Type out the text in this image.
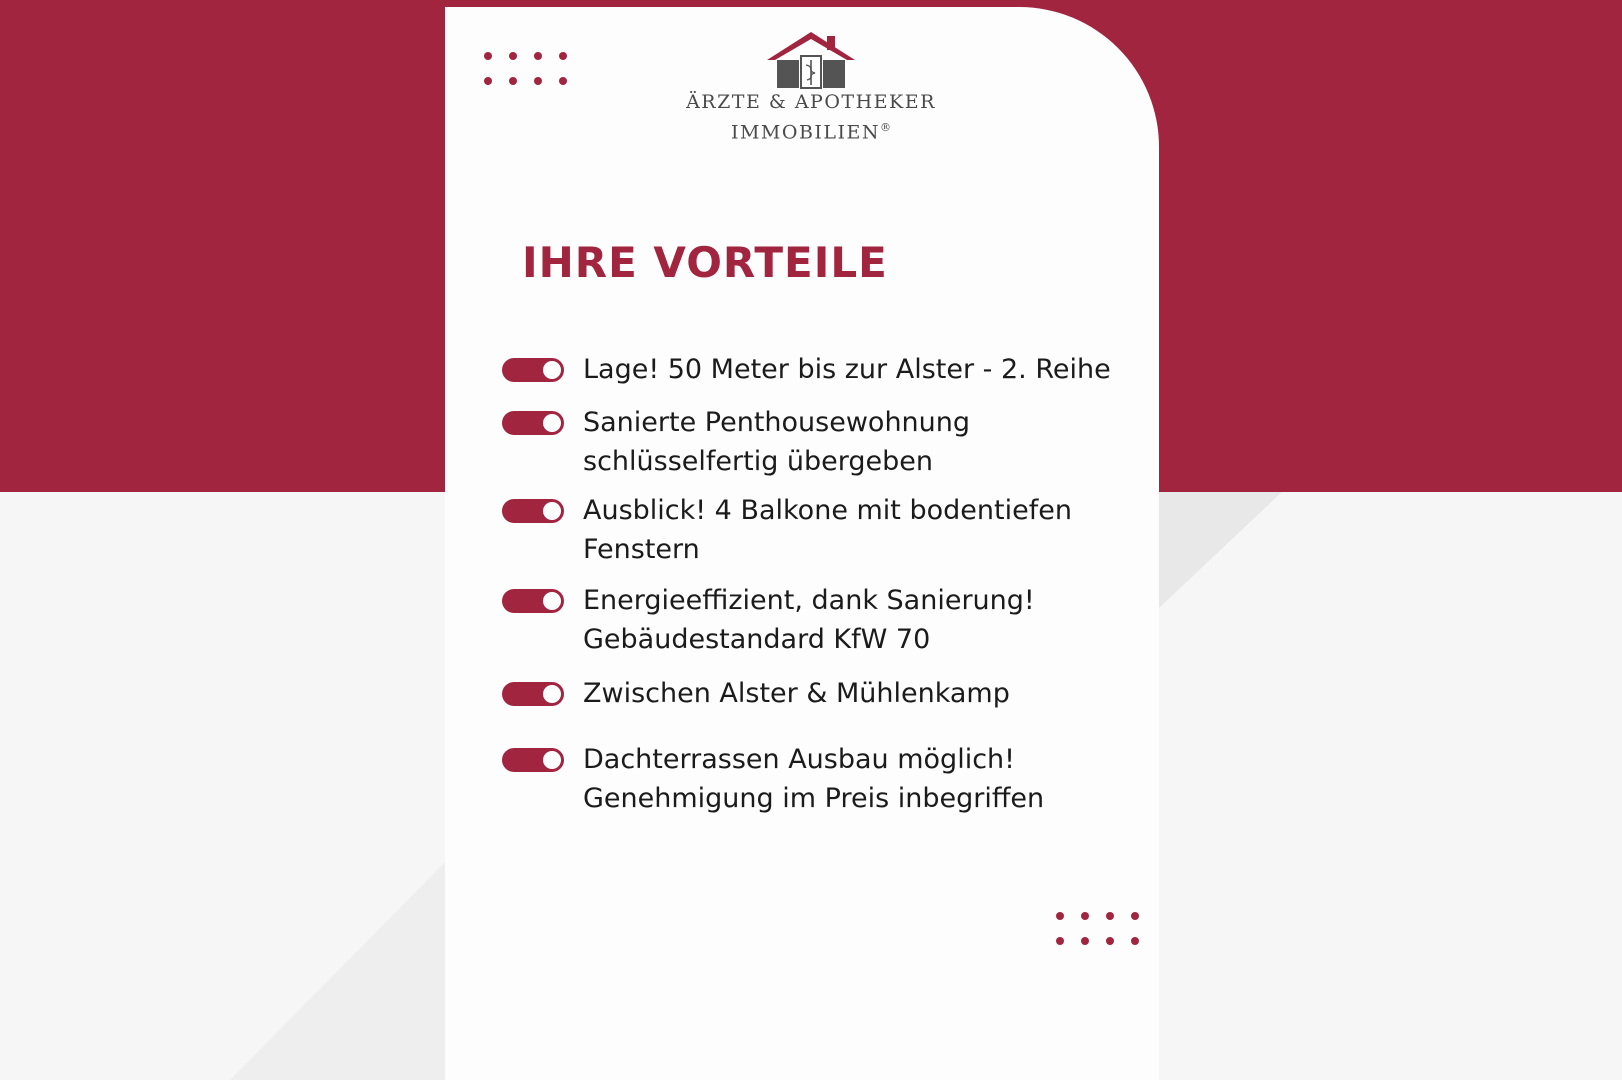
ÄRZTE & APOTHEKER
IMMOBILIEN®
IHRE VORTEILE
Lage! 50 Meter bis zur Alster - 2. Reihe
Sanierte Penthousewohnung
schlüsselfertig übergeben
Ausblick! 4 Balkone mit bodentiefen
Fenstern
Energieeffizient, dank Sanierung!
Gebäudestandard KfW 70
Zwischen Alster & Mühlenkamp
Dachterrassen Ausbau möglich!
Genehmigung im Preis inbegriffen
